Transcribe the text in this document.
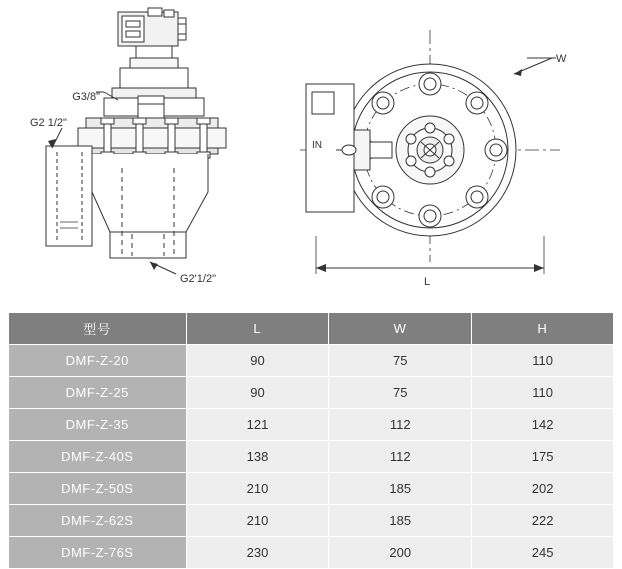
G3/8"
G2 1/2"
G2'1/2"
W
L
IN
型号	L	W	H
DMF-Z-20	90	75	110
DMF-Z-25	90	75	110
DMF-Z-35	121	112	142
DMF-Z-40S	138	112	175
DMF-Z-50S	210	185	202
DMF-Z-62S	210	185	222
DMF-Z-76S	230	200	245
